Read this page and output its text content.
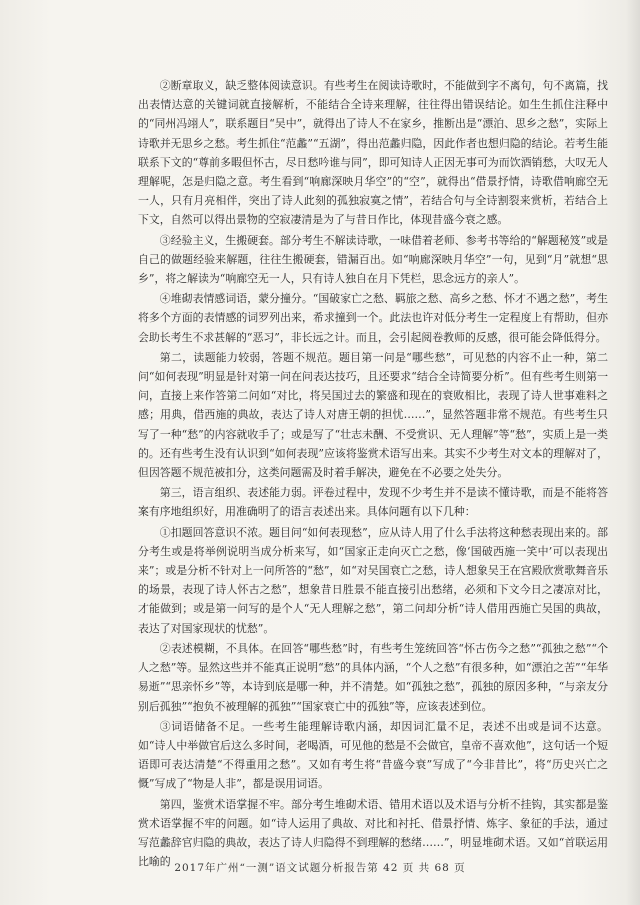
②断章取义，缺乏整体阅读意识。有些考生在阅读诗歌时，不能做到字不离句，句不离篇，找出表情达意的关键词就直接解析，不能结合全诗来理解，往往得出错误结论。如生生抓住注释中的“同州冯翊人”，联系题目“吴中”，就得出了诗人不在家乡，推断出是“漂泊、思乡之愁”，实际上诗歌并无思乡之愁。考生抓住“范蠡”“五湖”，得出范蠡归隐，因此作者也想归隐的结论。若考生能联系下文的“尊前多暇但怀古，尽日愁吟谁与同”，即可知诗人正因无事可为而饮酒销愁，大叹无人理解呢，怎是归隐之意。考生看到“响廊深映月华空”的“空”，就得出“借景抒情，诗歌借响廊空无一人，只有月亮相伴，突出了诗人此刻的孤独寂寞之情”，若结合句与全诗割裂来赏析，若结合上下文，自然可以得出景物的空寂凄清是为了与昔日作比，体现昔盛今衰之感。

③经验主义，生搬硬套。部分考生不解读诗歌，一味借着老师、参考书等给的“解题秘笈”或是自己的做题经验来解题，往往生搬硬套，错漏百出。如“响廊深映月华空”一句，见到“月”就想“思乡”，将之解读为“响廊空无一人，只有诗人独自在月下凭栏，思念远方的亲人”。

④堆砌表情感词语，蒙分撞分。“国破家亡之愁、羁旅之愁、高乡之愁、怀才不遇之愁”，考生将多个方面的表情感的词罗列出来，希求撞到一个。此法也许对低分考生一定程度上有帮助，但亦会助长考生不求甚解的“恶习”，非长远之计。而且，会引起阅卷教师的反感，很可能会降低得分。

第二，读题能力较弱，答题不规范。题目第一问是“哪些愁”，可见愁的内容不止一种，第二问“如何表现”明显是针对第一问在问表达技巧，且还要求“结合全诗简要分析”。但有些考生则第一问，直接上来作答第二问如“对比，将吴国过去的繁盛和现在的衰败相比，表现了诗人世事难料之感；用典，借西施的典故，表达了诗人对唐王朝的担忧……”，显然答题非常不规范。有些考生只写了一种“愁”的内容就收手了；或是写了“壮志未酬、不受赏识、无人理解”等“愁”，实质上是一类的。还有些考生没有认识到“如何表现”应该将鉴赏术语写出来。其实不少考生对文本的理解对了，但因答题不规范被扣分，这类问题需及时着手解决，避免在不必要之处失分。

第三，语言组织、表述能力弱。评卷过程中，发现不少考生并不是读不懂诗歌，而是不能将答案有序地组织好，用准确明了的语言表述出来。具体问题有以下几种：

①扣题回答意识不浓。题目问“如何表现愁”，应从诗人用了什么手法将这种愁表现出来的。部分考生或是将举例说明当成分析来写，如“国家正走向灭亡之愁，像‘国破西施一笑中’可以表现出来”；或是分析不针对上一问所答的“愁”，如“对吴国衰亡之愁，诗人想象吴王在宫殿欣赏歌舞音乐的场景，表现了诗人怀古之愁”，想象昔日胜景不能直接引出愁绪，必须和下文今日之凄凉对比，才能做到；或是第一问写的是个人“无人理解之愁”，第二问却分析“诗人借用西施亡吴国的典故，表达了对国家现状的忧愁”。

②表述模糊，不具体。在回答“哪些愁”时，有些考生笼统回答“怀古伤今之愁”“孤独之愁”“个人之愁”等。显然这些并不能真正说明“愁”的具体内涵，“个人之愁”有很多种，如“漂泊之苦”“年华易逝”“思亲怀乡”等，本诗到底是哪一种，并不清楚。如“孤独之愁”，孤独的原因多种，“与亲友分别后孤独”“抱负不被理解的孤独”“国家衰亡中的孤独”等，应该表述到位。

③词语储备不足。一些考生能理解诗歌内涵，却因词汇量不足，表述不出或是词不达意。如“诗人中举做官后这么多时间，老喝酒，可见他的愁是不会做官，皇帝不喜欢他”，这句话一个短语即可表达清楚“不得重用之愁”。又如有考生将“昔盛今衰”写成了“今非昔比”，将“历史兴亡之慨”写成了“物是人非”，都是误用词语。

第四，鉴赏术语掌握不牢。部分考生堆砌术语、错用术语以及术语与分析不挂钩，其实都是鉴赏术语掌握不牢的问题。如“诗人运用了典故、对比和衬托、借景抒情、炼字、象征的手法，通过写范蠡辞官归隐的典故，表达了诗人归隐得不到理解的愁绪……”，明显堆砌术语。又如“首联运用比喻的 2017年广州“一测”语文试题分析报告第 42 页 共 68 页
